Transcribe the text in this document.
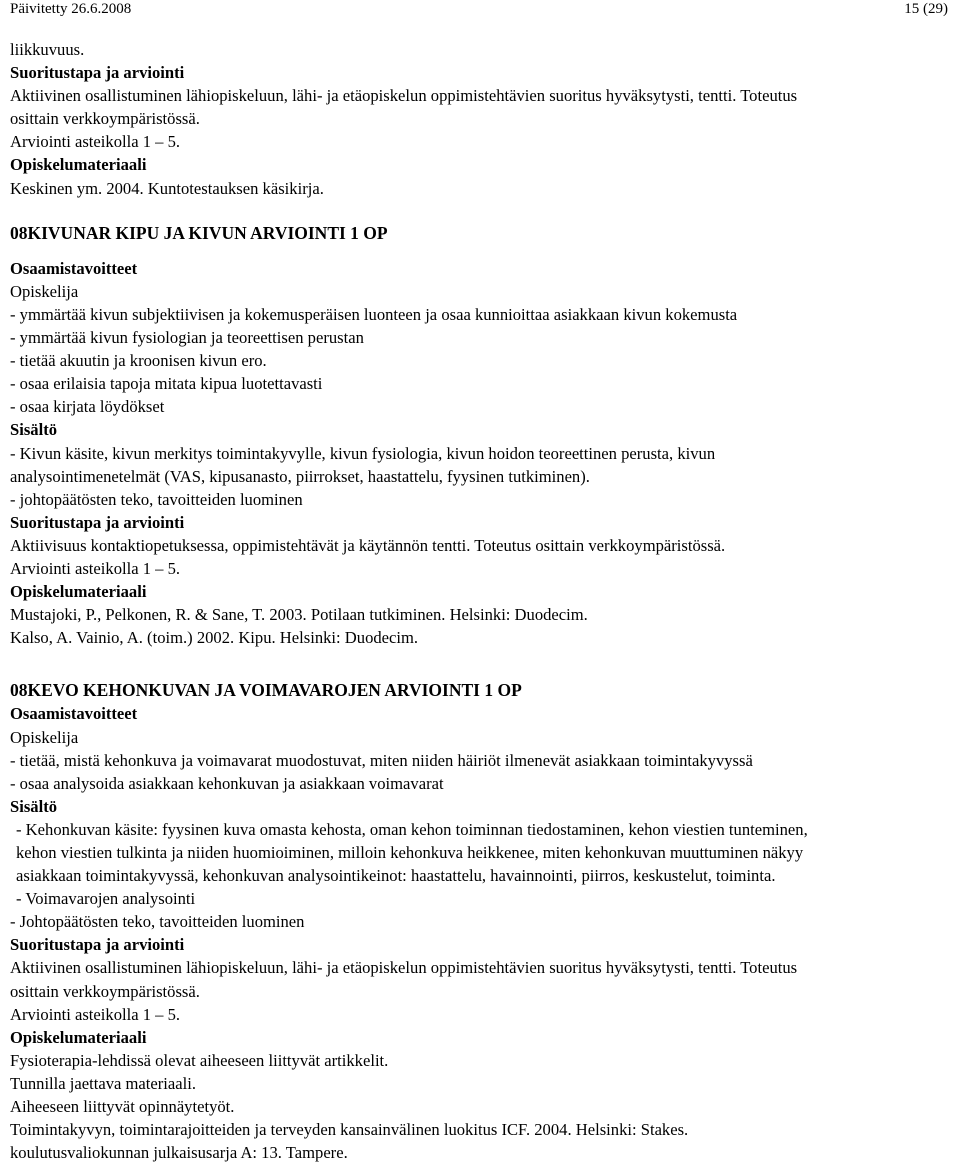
Päivitetty 26.6.2008	15 (29)
liikkuvuus.
Suoritustapa ja arviointi
Aktiivinen osallistuminen lähiopiskeluun, lähi- ja etäopiskelun oppimistehtävien suoritus hyväksytysti, tentti. Toteutus
osittain verkkoympäristössä.
Arviointi asteikolla 1 – 5.
Opiskelumateriaali
Keskinen ym. 2004. Kuntotestauksen käsikirja.
08KIVUNAR KIPU JA KIVUN ARVIOINTI 1 OP
Osaamistavoitteet
Opiskelija
- ymmärtää kivun subjektiivisen ja kokemusperäisen luonteen ja osaa kunnioittaa asiakkaan kivun kokemusta
- ymmärtää kivun fysiologian ja teoreettisen perustan
- tietää akuutin ja kroonisen kivun ero.
- osaa erilaisia tapoja mitata kipua luotettavasti
- osaa kirjata löydökset
Sisältö
- Kivun käsite, kivun merkitys toimintakyvylle, kivun fysiologia, kivun hoidon teoreettinen perusta, kivun
analysointimenetelmät (VAS, kipusanasto, piirrokset, haastattelu, fyysinen tutkiminen).
- johtopäätösten teko, tavoitteiden luominen
Suoritustapa ja arviointi
Aktiivisuus kontaktiopetuksessa, oppimistehtävät ja käytännön tentti. Toteutus osittain verkkoympäristössä.
Arviointi asteikolla 1 – 5.
Opiskelumateriaali
Mustajoki, P., Pelkonen, R. & Sane, T. 2003. Potilaan tutkiminen. Helsinki: Duodecim.
Kalso, A. Vainio, A. (toim.) 2002. Kipu. Helsinki: Duodecim.
08KEVO KEHONKUVAN JA VOIMAVAROJEN ARVIOINTI 1 OP
Osaamistavoitteet
Opiskelija
- tietää, mistä kehonkuva ja voimavarat muodostuvat, miten niiden häiriöt ilmenevät asiakkaan toimintakyvyssä
- osaa analysoida asiakkaan kehonkuvan ja asiakkaan voimavarat
Sisältö
- Kehonkuvan käsite: fyysinen kuva omasta kehosta, oman kehon toiminnan tiedostaminen, kehon viestien tunteminen,
kehon viestien tulkinta ja niiden huomioiminen, milloin kehonkuva heikkenee, miten kehonkuvan muuttuminen näkyy
asiakkaan toimintakyvyssä, kehonkuvan analysointikeinot: haastattelu, havainnointi, piirros, keskustelut, toiminta.
- Voimavarojen analysointi
- Johtopäätösten teko, tavoitteiden luominen
Suoritustapa ja arviointi
Aktiivinen osallistuminen lähiopiskeluun, lähi- ja etäopiskelun oppimistehtävien suoritus hyväksytysti, tentti. Toteutus
osittain verkkoympäristössä.
Arviointi asteikolla 1 – 5.
Opiskelumateriaali
Fysioterapia-lehdissä olevat aiheeseen liittyvät artikkelit.
Tunnilla jaettava materiaali.
Aiheeseen liittyvät opinnäytetyöt.
Toimintakyvyn, toimintarajoitteiden ja terveyden kansainvälinen luokitus ICF. 2004. Helsinki: Stakes.
koulutusvaliokunnan julkaisusarja A: 13. Tampere.
